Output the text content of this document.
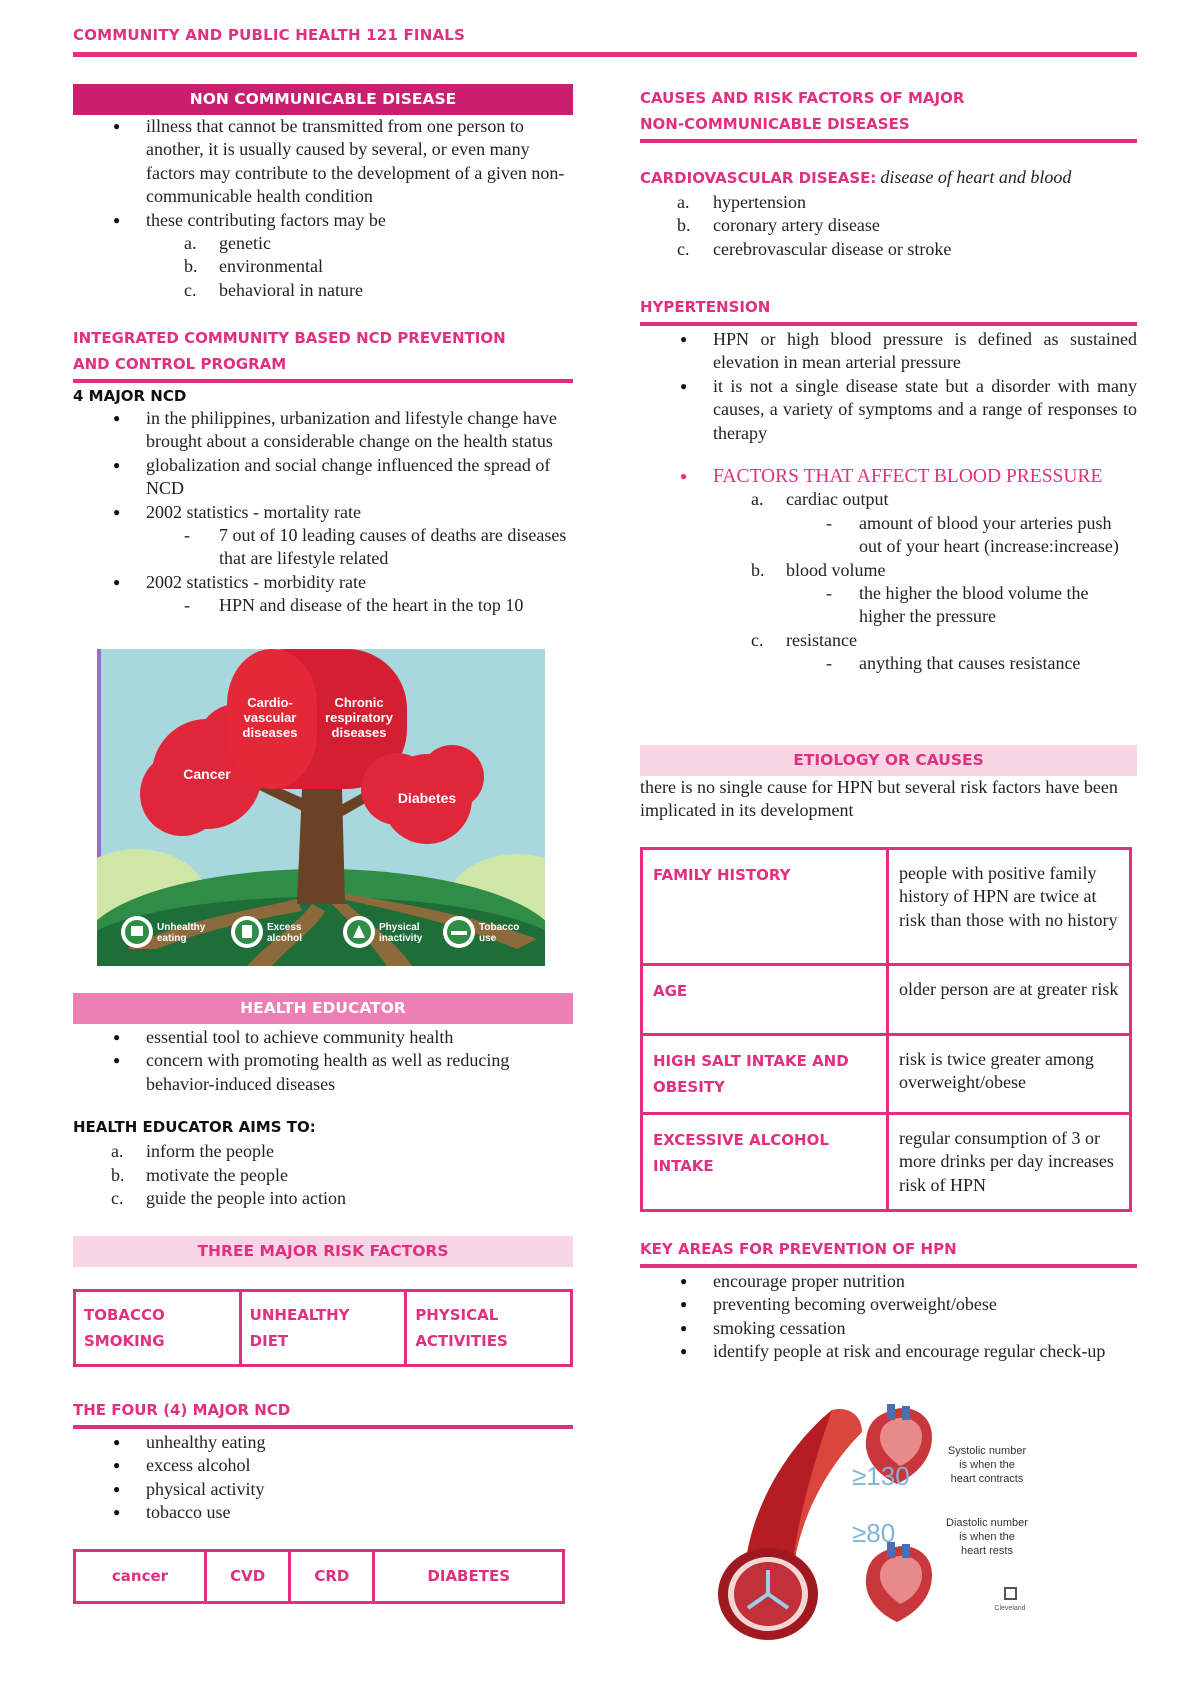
COMMUNITY AND PUBLIC HEALTH 121 FINALS
NON COMMUNICABLE DISEASE
● illness that cannot be transmitted from one person to another, it is usually caused by several, or even many factors may contribute to the development of a given non-communicable health condition
● these contributing factors may be
a. genetic
b. environmental
c. behavioral in nature
INTEGRATED COMMUNITY BASED NCD PREVENTION
AND CONTROL PROGRAM
4 MAJOR NCD
● in the philippines, urbanization and lifestyle change have brought about a considerable change on the health status
● globalization and social change influenced the spread of NCD
● 2002 statistics - mortality rate
- 7 out of 10 leading causes of deaths are diseases that are lifestyle related
● 2002 statistics - morbidity rate
- HPN and disease of the heart in the top 10
Cardio-
vascular
diseases
Chronic
respiratory
diseases
Cancer
Diabetes
Unhealthy
eating
Excess
alcohol
Physical
inactivity
Tobacco
use
HEALTH EDUCATOR
● essential tool to achieve community health
● concern with promoting health as well as reducing behavior-induced diseases
HEALTH EDUCATOR AIMS TO:
a. inform the people
b. motivate the people
c. guide the people into action
THREE MAJOR RISK FACTORS
TOBACCO
SMOKING

UNHEALTHY
DIET

PHYSICAL
ACTIVITIES
THE FOUR (4) MAJOR NCD
● unhealthy eating
● excess alcohol
● physical activity
● tobacco use
cancer	CVD	CRD	DIABETES
CAUSES AND RISK FACTORS OF MAJOR
NON-COMMUNICABLE DISEASES
CARDIOVASCULAR DISEASE: disease of heart and blood
a. hypertension
b. coronary artery disease
c. cerebrovascular disease or stroke
HYPERTENSION
● HPN or high blood pressure is defined as sustained elevation in mean arterial pressure
● it is not a single disease state but a disorder with many causes, a variety of symptoms and a range of responses to therapy
● FACTORS THAT AFFECT BLOOD PRESSURE
a. cardiac output
- amount of blood your arteries push out of your heart (increase:increase)
b. blood volume
- the higher the blood volume the higher the pressure
c. resistance
- anything that causes resistance
ETIOLOGY OR CAUSES
there is no single cause for HPN but several risk factors have been implicated in its development
FAMILY HISTORY	people with positive family history of HPN are twice at risk than those with no history
AGE	older person are at greater risk
HIGH SALT INTAKE AND OBESITY	risk is twice greater among overweight/obese
EXCESSIVE ALCOHOL INTAKE	regular consumption of 3 or more drinks per day increases risk of HPN
KEY AREAS FOR PREVENTION OF HPN
● encourage proper nutrition
● preventing becoming overweight/obese
● smoking cessation
● identify people at risk and encourage regular check-up
≥130
≥80
Systolic number
is when the
heart contracts
Diastolic number
is when the
heart rests
Cleveland
